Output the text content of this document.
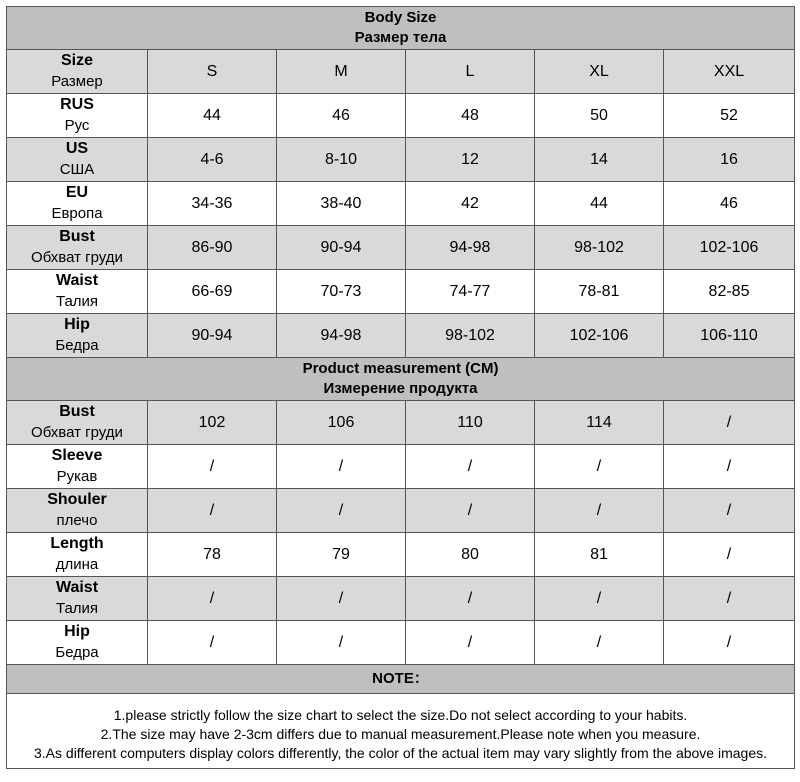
Body Size
Размер тела					

Size
Размер	S	M	L	XL	XXL

RUS
Рус	44	46	48	50	52

US
США	4-6	8-10	12	14	16

EU
Европа	34-36	38-40	42	44	46

Bust
Обхват груди	86-90	90-94	94-98	98-102	102-106

Waist
Талия	66-69	70-73	74-77	78-81	82-85

Hip
Бедра	90-94	94-98	98-102	102-106	106-110

Product measurement (CM)
Измерение продукта					

Bust
Обхват груди	102	106	110	114	/

Sleeve
Рукав	/	/	/	/	/

Shouler
плечо	/	/	/	/	/

Length
длина	78	79	80	81	/

Waist
Талия	/	/	/	/	/

Hip
Бедра	/	/	/	/	/
NOTE：					

1.please strictly follow the size chart to select the size.Do not select according to your habits.
2.The size may have 2-3cm differs due to manual measurement.Please note when you measure.
3.As different computers display colors differently, the color of the actual item may vary slightly from the above images.					
